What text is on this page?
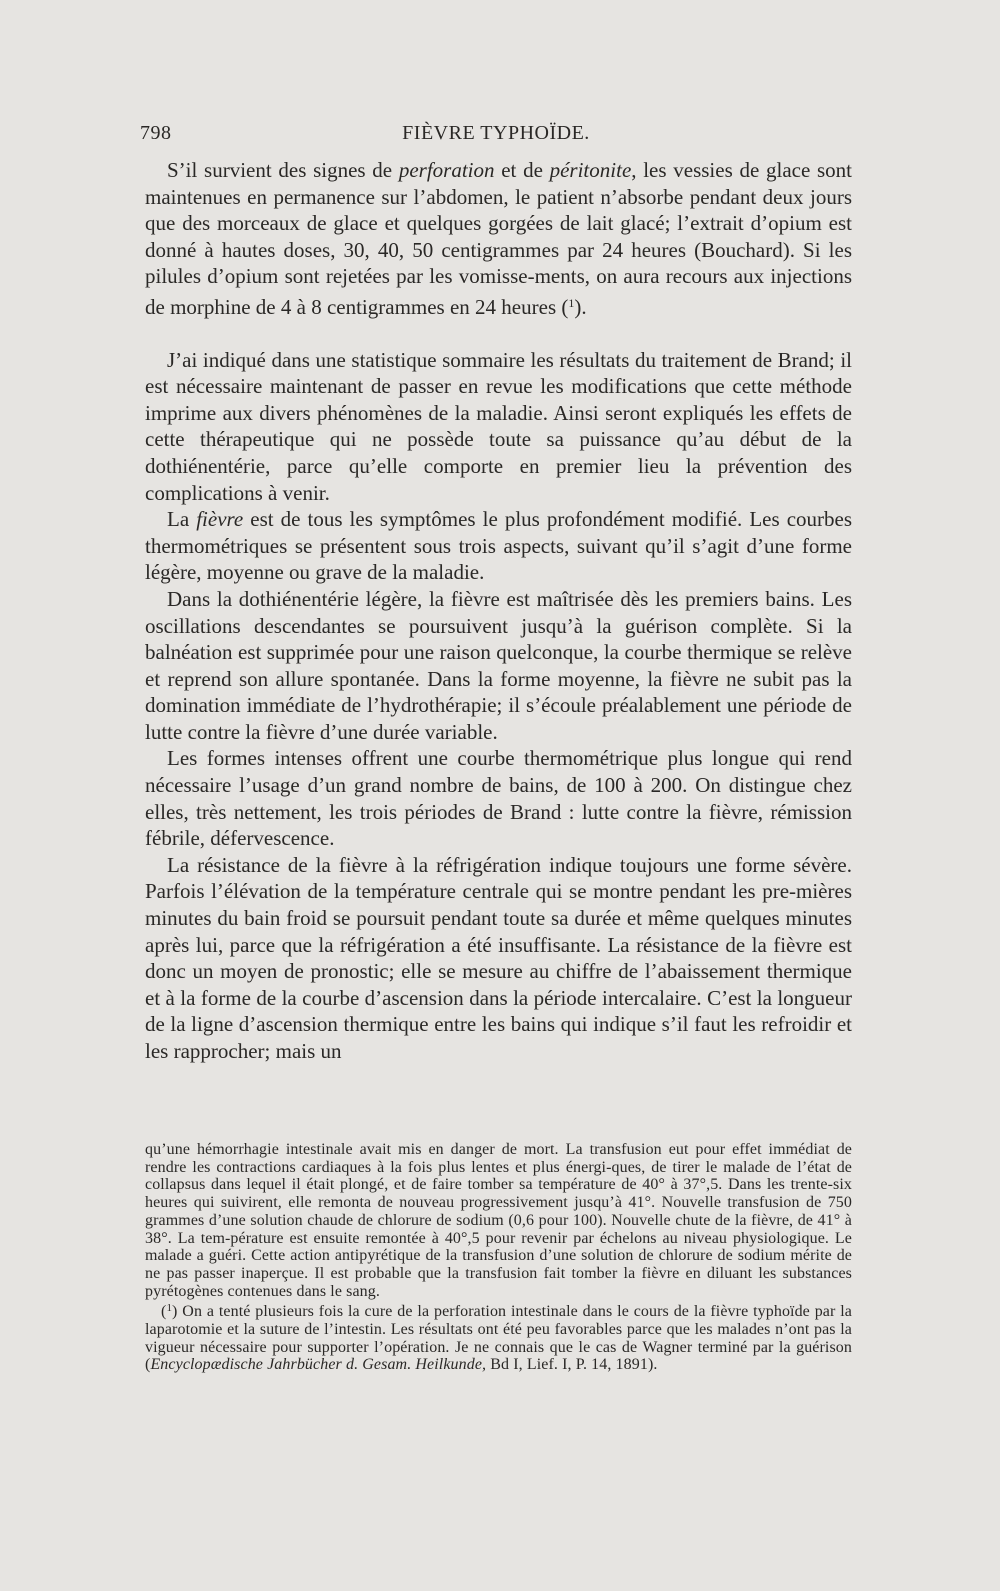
798	FIÈVRE TYPHOÏDE.

S’il survient des signes de perforation et de péritonite, les vessies de glace sont maintenues en permanence sur l’abdomen, le patient n’absorbe pendant deux jours que des morceaux de glace et quelques gorgées de lait glacé; l’extrait d’opium est donné à hautes doses, 30, 40, 50 centigrammes par 24 heures (Bouchard). Si les pilules d’opium sont rejetées par les vomisse-ments, on aura recours aux injections de morphine de 4 à 8 centigrammes en 24 heures ($^1$).

J’ai indiqué dans une statistique sommaire les résultats du traitement de Brand; il est nécessaire maintenant de passer en revue les modifications que cette méthode imprime aux divers phénomènes de la maladie. Ainsi seront expliqués les effets de cette thérapeutique qui ne possède toute sa puissance qu’au début de la dothiénentérie, parce qu’elle comporte en premier lieu la prévention des complications à venir.

La fièvre est de tous les symptômes le plus profondément modifié. Les courbes thermométriques se présentent sous trois aspects, suivant qu’il s’agit d’une forme légère, moyenne ou grave de la maladie.

Dans la dothiénentérie légère, la fièvre est maîtrisée dès les premiers bains. Les oscillations descendantes se poursuivent jusqu’à la guérison complète. Si la balnéation est supprimée pour une raison quelconque, la courbe thermique se relève et reprend son allure spontanée. Dans la forme moyenne, la fièvre ne subit pas la domination immédiate de l’hydrothérapie; il s’écoule préalablement une période de lutte contre la fièvre d’une durée variable.

Les formes intenses offrent une courbe thermométrique plus longue qui rend nécessaire l’usage d’un grand nombre de bains, de 100 à 200. On distingue chez elles, très nettement, les trois périodes de Brand : lutte contre la fièvre, rémission fébrile, défervescence.

La résistance de la fièvre à la réfrigération indique toujours une forme sévère. Parfois l’élévation de la température centrale qui se montre pendant les pre-mières minutes du bain froid se poursuit pendant toute sa durée et même quelques minutes après lui, parce que la réfrigération a été insuffisante. La résistance de la fièvre est donc un moyen de pronostic; elle se mesure au chiffre de l’abaissement thermique et à la forme de la courbe d’ascension dans la période intercalaire. C’est la longueur de la ligne d’ascension thermique entre les bains qui indique s’il faut les refroidir et les rapprocher; mais un

qu’une hémorrhagie intestinale avait mis en danger de mort. La transfusion eut pour effet immédiat de rendre les contractions cardiaques à la fois plus lentes et plus énergi-ques, de tirer le malade de l’état de collapsus dans lequel il était plongé, et de faire tomber sa température de 40° à 37°,5. Dans les trente-six heures qui suivirent, elle remonta de nouveau progressivement jusqu’à 41°. Nouvelle transfusion de 750 grammes d’une solution chaude de chlorure de sodium (0,6 pour 100). Nouvelle chute de la fièvre, de 41° à 38°. La tem-pérature est ensuite remontée à 40°,5 pour revenir par échelons au niveau physiologique. Le malade a guéri. Cette action antipyrétique de la transfusion d’une solution de chlorure de sodium mérite de ne pas passer inaperçue. Il est probable que la transfusion fait tomber la fièvre en diluant les substances pyrétogènes contenues dans le sang.

($^1$) On a tenté plusieurs fois la cure de la perforation intestinale dans le cours de la fièvre typhoïde par la laparotomie et la suture de l’intestin. Les résultats ont été peu favorables parce que les malades n’ont pas la vigueur nécessaire pour supporter l’opération. Je ne connais que le cas de Wagner terminé par la guérison (Encyclopædische Jahrbücher d. Gesam. Heilkunde, Bd I, Lief. I, P. 14, 1891).
